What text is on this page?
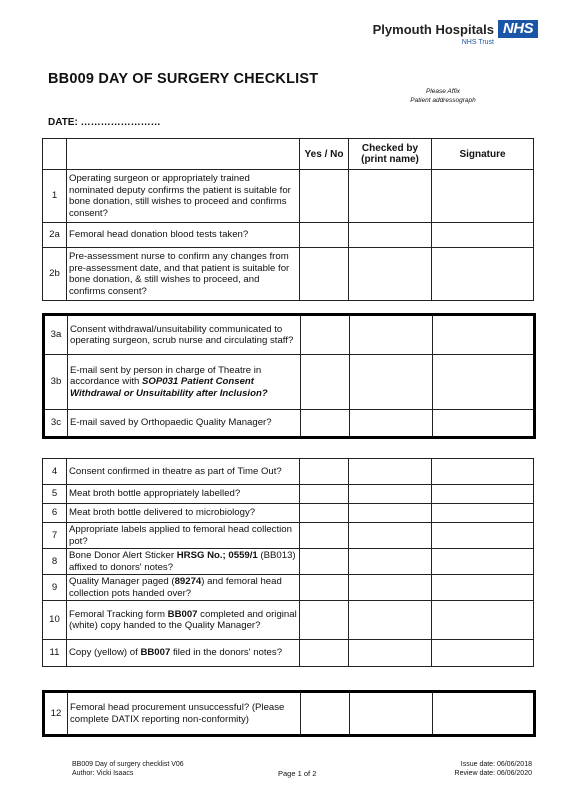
Plymouth Hospitals
NHS Trust
NHS
BB009 DAY OF SURGERY CHECKLIST
Please Affix
Patient addressograph
DATE: ……………………
		Yes / No	Checked by (print name)	Signature
1	Operating surgeon or appropriately trained nominated deputy confirms the patient is suitable for bone donation, still wishes to proceed and confirms consent?			
2a	Femoral head donation blood tests taken?			
2b	Pre-assessment nurse to confirm any changes from pre-assessment date, and that patient is suitable for bone donation, & still wishes to proceed, and confirms consent?			
3a	Consent withdrawal/unsuitability communicated to operating surgeon, scrub nurse and circulating staff?			
3b	E-mail sent by person in charge of Theatre in accordance with SOP031 Patient Consent Withdrawal or Unsuitability after Inclusion?			
3c	E-mail saved by Orthopaedic Quality Manager?			
4	Consent confirmed in theatre as part of Time Out?			
5	Meat broth bottle appropriately labelled?			
6	Meat broth bottle delivered to microbiology?			
7	Appropriate labels applied to femoral head collection pot?			
8	Bone Donor Alert Sticker HRSG No.; 0559/1 (BB013) affixed to donors' notes?			
9	Quality Manager paged (89274) and femoral head collection pots handed over?			
10	Femoral Tracking form BB007 completed and original (white) copy handed to the Quality Manager?			
11	Copy (yellow) of BB007 filed in the donors' notes?			
12	Femoral head procurement unsuccessful? (Please complete DATIX reporting non-conformity)			
BB009 Day of surgery checklist V06
Author: Vicki Isaacs	Page 1 of 2
Issue date: 06/06/2018
Review date: 06/06/2020
